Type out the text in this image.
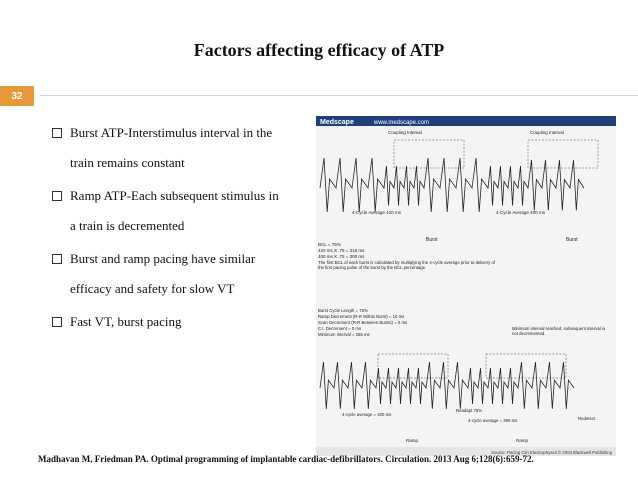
Factors affecting efficacy of ATP
32
Burst ATP-Interstimulus interval in the
train remains constant
Ramp ATP-Each subsequent stimulus in
a train is decremented
Burst and ramp pacing have similar
efficacy and safety for slow VT
Fast VT, burst pacing
Medscape	www.medscape.com
Coupling Interval	Coupling Interval
4-Cycle Average 420 ms	4-Cycle Average 400 ms
Burst	Burst
BCL = 75%
420 ms X .75 = 315 ms
400 ms X .75 = 300 ms
The first BCL of each burst is calculated by multiplying the 4-cycle average prior to delivery of the first pacing pulse of the burst by the BCL percentage.
Burst Cycle Length = 75%
Ramp Decrement (R-R Within Burst) = 10 ms
Scan Decrement (R-R Between Bursts) = 0 ms
C.I. Decrement = 0 ms
Minimum Interval = 265 ms
Minimum interval reached; subsequent interval is not decremented.
4-cycle average = 400 ms
Readapt 75%
4-cycle average = 390 ms	Redetect
Ramp	Ramp
Source: Pacing Clin Electrophysiol © 2004 Blackwell Publishing
Madhavan M, Friedman PA. Optimal programming of implantable cardiac-defibrillators. Circulation. 2013 Aug 6;128(6):659-72.
